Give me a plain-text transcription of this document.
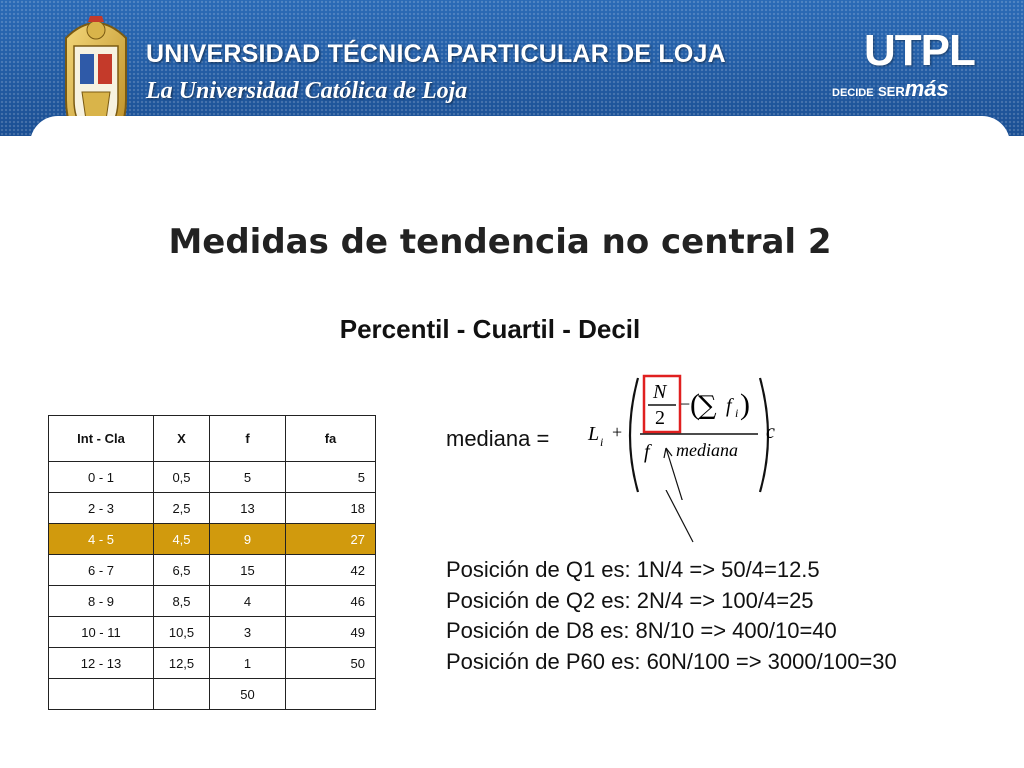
UNIVERSIDAD TÉCNICA PARTICULAR DE LOJA
La Universidad Católica de Loja
UTPL
DECIDE SERmás
Medidas de tendencia no central 2
Percentil - Cuartil - Decil
Int - Cla	X	f	fa
0 - 1	0,5	5	5
2 - 3	2,5	13	18
4 - 5	4,5	9	27
6 - 7	6,5	15	42
8 - 9	8,5	4	46
10 - 11	10,5	3	49
12 - 13	12,5	1	50
		50	
mediana = L i +
N
2
− (
∑ f i )
f mediana
c
Posición de Q1 es: 1N/4 => 50/4=12.5
Posición de Q2 es: 2N/4 => 100/4=25
Posición de D8 es: 8N/10 => 400/10=40
Posición de P60 es: 60N/100 => 3000/100=30
